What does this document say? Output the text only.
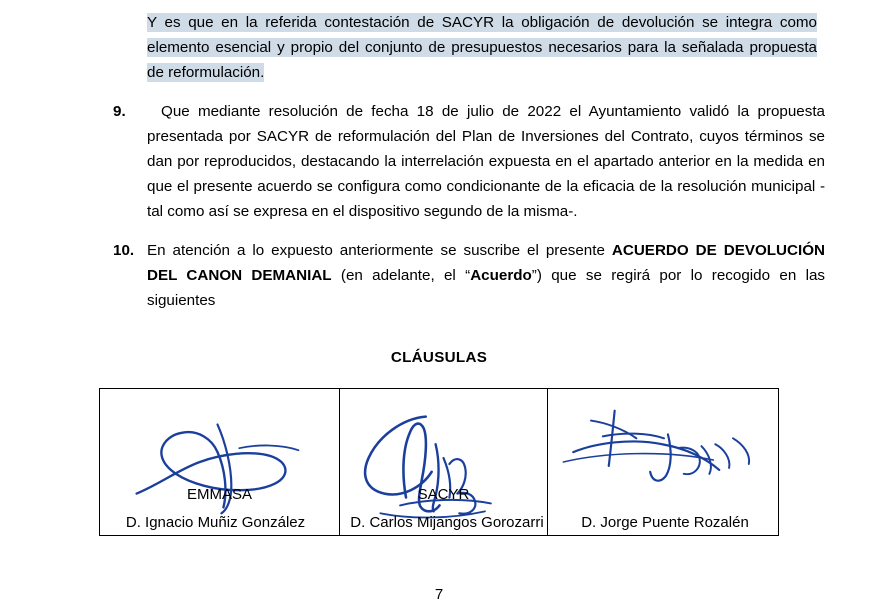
Y es que en la referida contestación de SACYR la obligación de devolución se integra como elemento esencial y propio del conjunto de presupuestos necesarios para la señalada propuesta de reformulación.

9.	Que mediante resolución de fecha 18 de julio de 2022 el Ayuntamiento validó la propuesta presentada por SACYR de reformulación del Plan de Inversiones del Contrato, cuyos términos se dan por reproducidos, destacando la interrelación expuesta en el apartado anterior en la medida en que el presente acuerdo se configura como condicionante de la eficacia de la resolución municipal -tal como así se expresa en el dispositivo segundo de la misma-.
10. En atención a lo expuesto anteriormente se suscribe el presente ACUERDO DE DEVOLUCIÓN DEL CANON DEMANIAL (en adelante, el “Acuerdo”) que se regirá por lo recogido en las siguientes
CLÁUSULAS
EMMASA
D. Ignacio Muñiz González
SACYR
D. Carlos Mijangos Gorozarri	D. Jorge Puente Rozalén
7
